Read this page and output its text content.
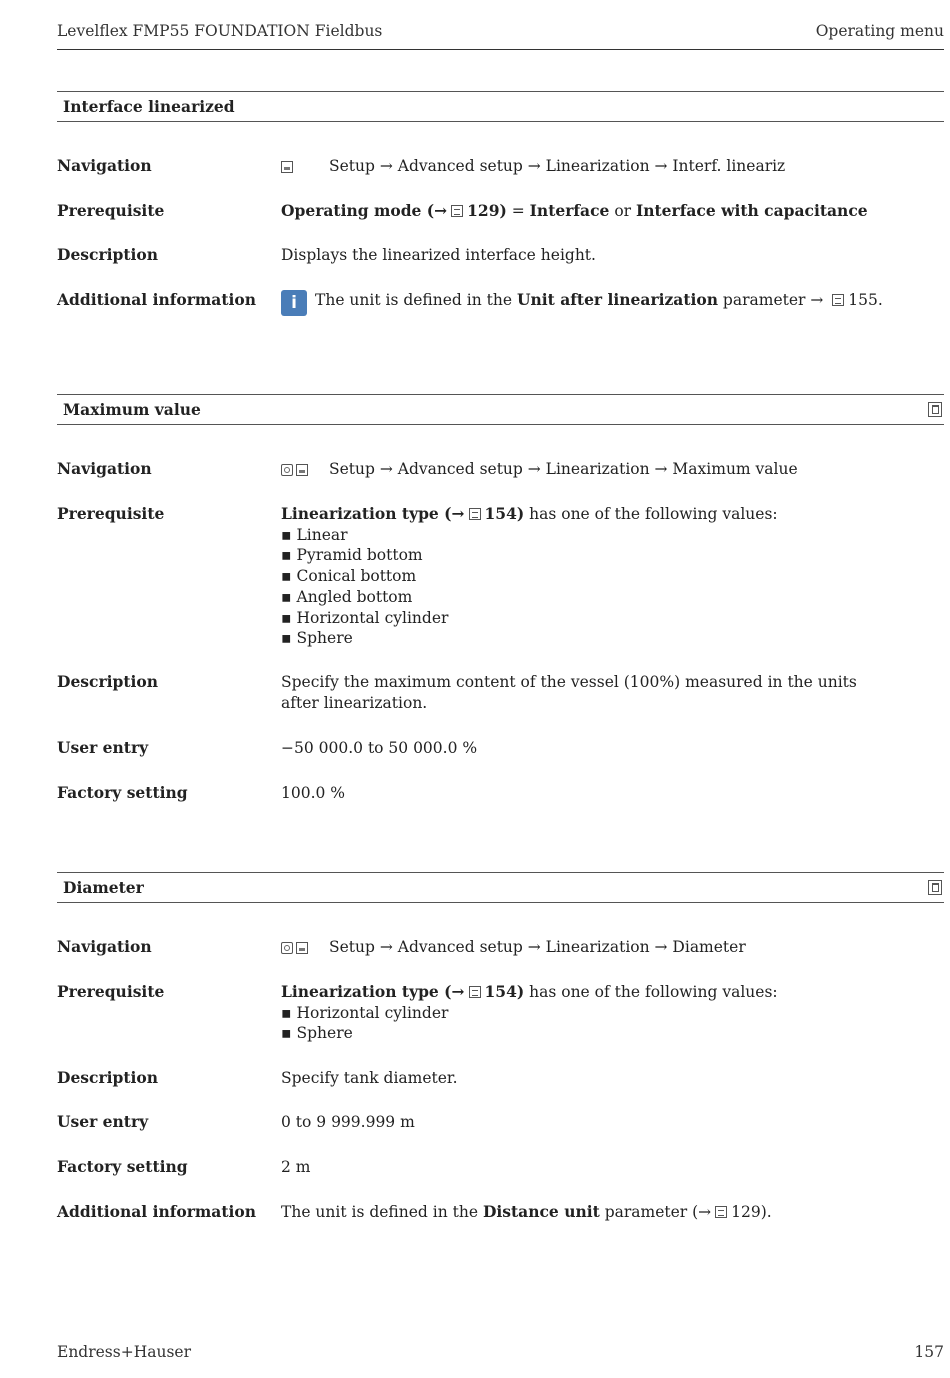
Levelflex FMP55 FOUNDATION Fieldbus	Operating menu
Interface linearized
Navigation	Setup → Advanced setup → Linearization → Interf. lineariz
Prerequisite	Operating mode (→ 129) = Interface or Interface with capacitance
Description	Displays the linearized interface height.
Additional information	i The unit is defined in the Unit after linearization parameter → 155.
Maximum value
Navigation	Setup → Advanced setup → Linearization → Maximum value
Prerequisite	Linearization type (→ 154) has one of the following values:
▪ Linear
▪ Pyramid bottom
▪ Conical bottom
▪ Angled bottom
▪ Horizontal cylinder
▪ Sphere
Description	Specify the maximum content of the vessel (100%) measured in the units after linearization.
User entry	−50 000.0 to 50 000.0 %
Factory setting	100.0 %
Diameter
Navigation	Setup → Advanced setup → Linearization → Diameter
Prerequisite	Linearization type (→ 154) has one of the following values:
▪ Horizontal cylinder
▪ Sphere
Description	Specify tank diameter.
User entry	0 to 9 999.999 m
Factory setting	2 m
Additional information	The unit is defined in the Distance unit parameter (→ 129).
Endress+Hauser	157
